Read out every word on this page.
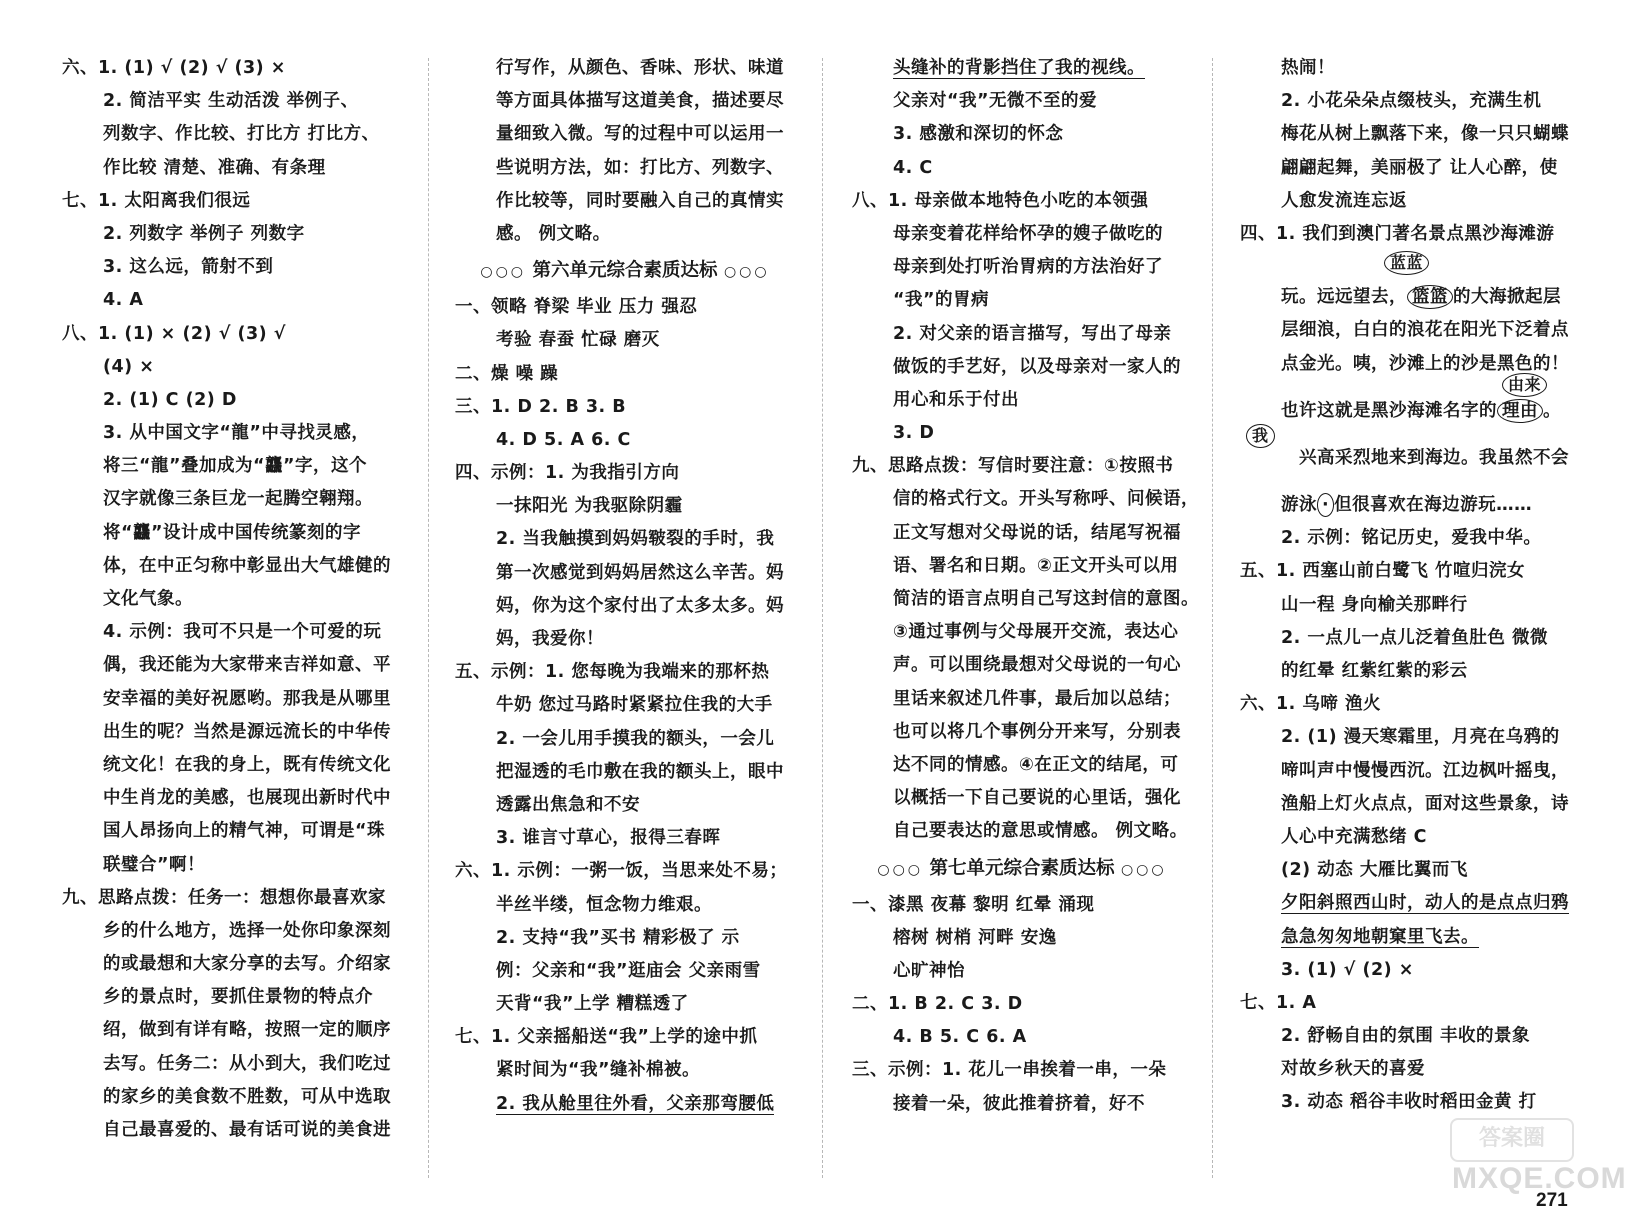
六、1. (1) √ (2) √ (3) ×
2. 简洁平实 生动活泼 举例子、
列数字、作比较、打比方 打比方、
作比较 清楚、准确、有条理
七、1. 太阳离我们很远
2. 列数字 举例子 列数字
3. 这么远，箭射不到
4. A
八、1. (1) × (2) √ (3) √
(4) ×
2. (1) C (2) D
3. 从中国文字“龍”中寻找灵感，
将三“龍”叠加成为“龘”字，这个
汉字就像三条巨龙一起腾空翱翔。
将“龘”设计成中国传统篆刻的字
体，在中正匀称中彰显出大气雄健的
文化气象。
4. 示例：我可不只是一个可爱的玩
偶，我还能为大家带来吉祥如意、平
安幸福的美好祝愿哟。那我是从哪里
出生的呢？当然是源远流长的中华传
统文化！在我的身上，既有传统文化
中生肖龙的美感，也展现出新时代中
国人昂扬向上的精气神，可谓是“珠
联璧合”啊！
九、思路点拨：任务一：想想你最喜欢家
乡的什么地方，选择一处你印象深刻
的或最想和大家分享的去写。介绍家
乡的景点时，要抓住景物的特点介
绍，做到有详有略，按照一定的顺序
去写。任务二：从小到大，我们吃过
的家乡的美食数不胜数，可从中选取
自己最喜爱的、最有话可说的美食进
行写作，从颜色、香味、形状、味道
等方面具体描写这道美食，描述要尽
量细致入微。写的过程中可以运用一
些说明方法，如：打比方、列数字、
作比较等，同时要融入自己的真情实
感。 例文略。
○○○ 第六单元综合素质达标 ○○○
一、领略 脊梁 毕业 压力 强忍
考验 春蚕 忙碌 磨灭
二、燥 噪 躁
三、1. D 2. B 3. B
4. D 5. A 6. C
四、示例：1. 为我指引方向
一抹阳光 为我驱除阴霾
2. 当我触摸到妈妈皲裂的手时，我
第一次感觉到妈妈居然这么辛苦。妈
妈，你为这个家付出了太多太多。妈
妈，我爱你！
五、示例：1. 您每晚为我端来的那杯热
牛奶 您过马路时紧紧拉住我的大手
2. 一会儿用手摸我的额头，一会儿
把湿透的毛巾敷在我的额头上，眼中
透露出焦急和不安
3. 谁言寸草心，报得三春晖
六、1. 示例：一粥一饭，当思来处不易；
半丝半缕，恒念物力维艰。
2. 支持“我”买书 精彩极了 示
例：父亲和“我”逛庙会 父亲雨雪
天背“我”上学 糟糕透了
七、1. 父亲摇船送“我”上学的途中抓
紧时间为“我”缝补棉被。
2. 我从舱里往外看，父亲那弯腰低
头缝补的背影挡住了我的视线。
父亲对“我”无微不至的爱
3. 感激和深切的怀念
4. C
八、1. 母亲做本地特色小吃的本领强
母亲变着花样给怀孕的嫂子做吃的
母亲到处打听治胃病的方法治好了
“我”的胃病
2. 对父亲的语言描写，写出了母亲
做饭的手艺好，以及母亲对一家人的
用心和乐于付出
3. D
九、思路点拨：写信时要注意：①按照书
信的格式行文。开头写称呼、问候语，
正文写想对父母说的话，结尾写祝福
语、署名和日期。②正文开头可以用
简洁的语言点明自己写这封信的意图。
③通过事例与父母展开交流，表达心
声。可以围绕最想对父母说的一句心
里话来叙述几件事，最后加以总结；
也可以将几个事例分开来写，分别表
达不同的情感。④在正文的结尾，可
以概括一下自己要说的心里话，强化
自己要表达的意思或情感。 例文略。
○○○ 第七单元综合素质达标 ○○○
一、漆黑 夜幕 黎明 红晕 涌现
榕树 树梢 河畔 安逸
心旷神怡
二、1. B 2. C 3. D
4. B 5. C 6. A
三、示例：1. 花儿一串挨着一串，一朵
接着一朵，彼此推着挤着，好不
热闹！
2. 小花朵朵点缀枝头，充满生机
梅花从树上飘落下来，像一只只蝴蝶
翩翩起舞，美丽极了 让人心醉，使
人愈发流连忘返
四、1. 我们到澳门著名景点黑沙海滩游
蓝蓝
玩。远远望去， 篮篮 的大海掀起层
层细浪，白白的浪花在阳光下泛着点
点金光。咦，沙滩上的沙是黑色的！
由来
也许这就是黑沙海滩名字的 理由 。
我
　兴高采烈地来到海边。我虽然不会
游泳 · 但很喜欢在海边游玩……
2. 示例：铭记历史，爱我中华。
五、1. 西塞山前白鹭飞 竹喧归浣女
山一程 身向榆关那畔行
2. 一点儿一点儿泛着鱼肚色 微微
的红晕 红紫红紫的彩云
六、1. 乌啼 渔火
2. (1) 漫天寒霜里，月亮在乌鸦的
啼叫声中慢慢西沉。江边枫叶摇曳，
渔船上灯火点点，面对这些景象，诗
人心中充满愁绪 C
(2) 动态 大雁比翼而飞
夕阳斜照西山时，动人的是点点归鸦
急急匆匆地朝窠里飞去。
3. (1) √ (2) ×
七、1. A
2. 舒畅自由的氛围 丰收的景象
对故乡秋天的喜爱
3. 动态 稻谷丰收时稻田金黄 打
答案圈
MXQE.COM
271
